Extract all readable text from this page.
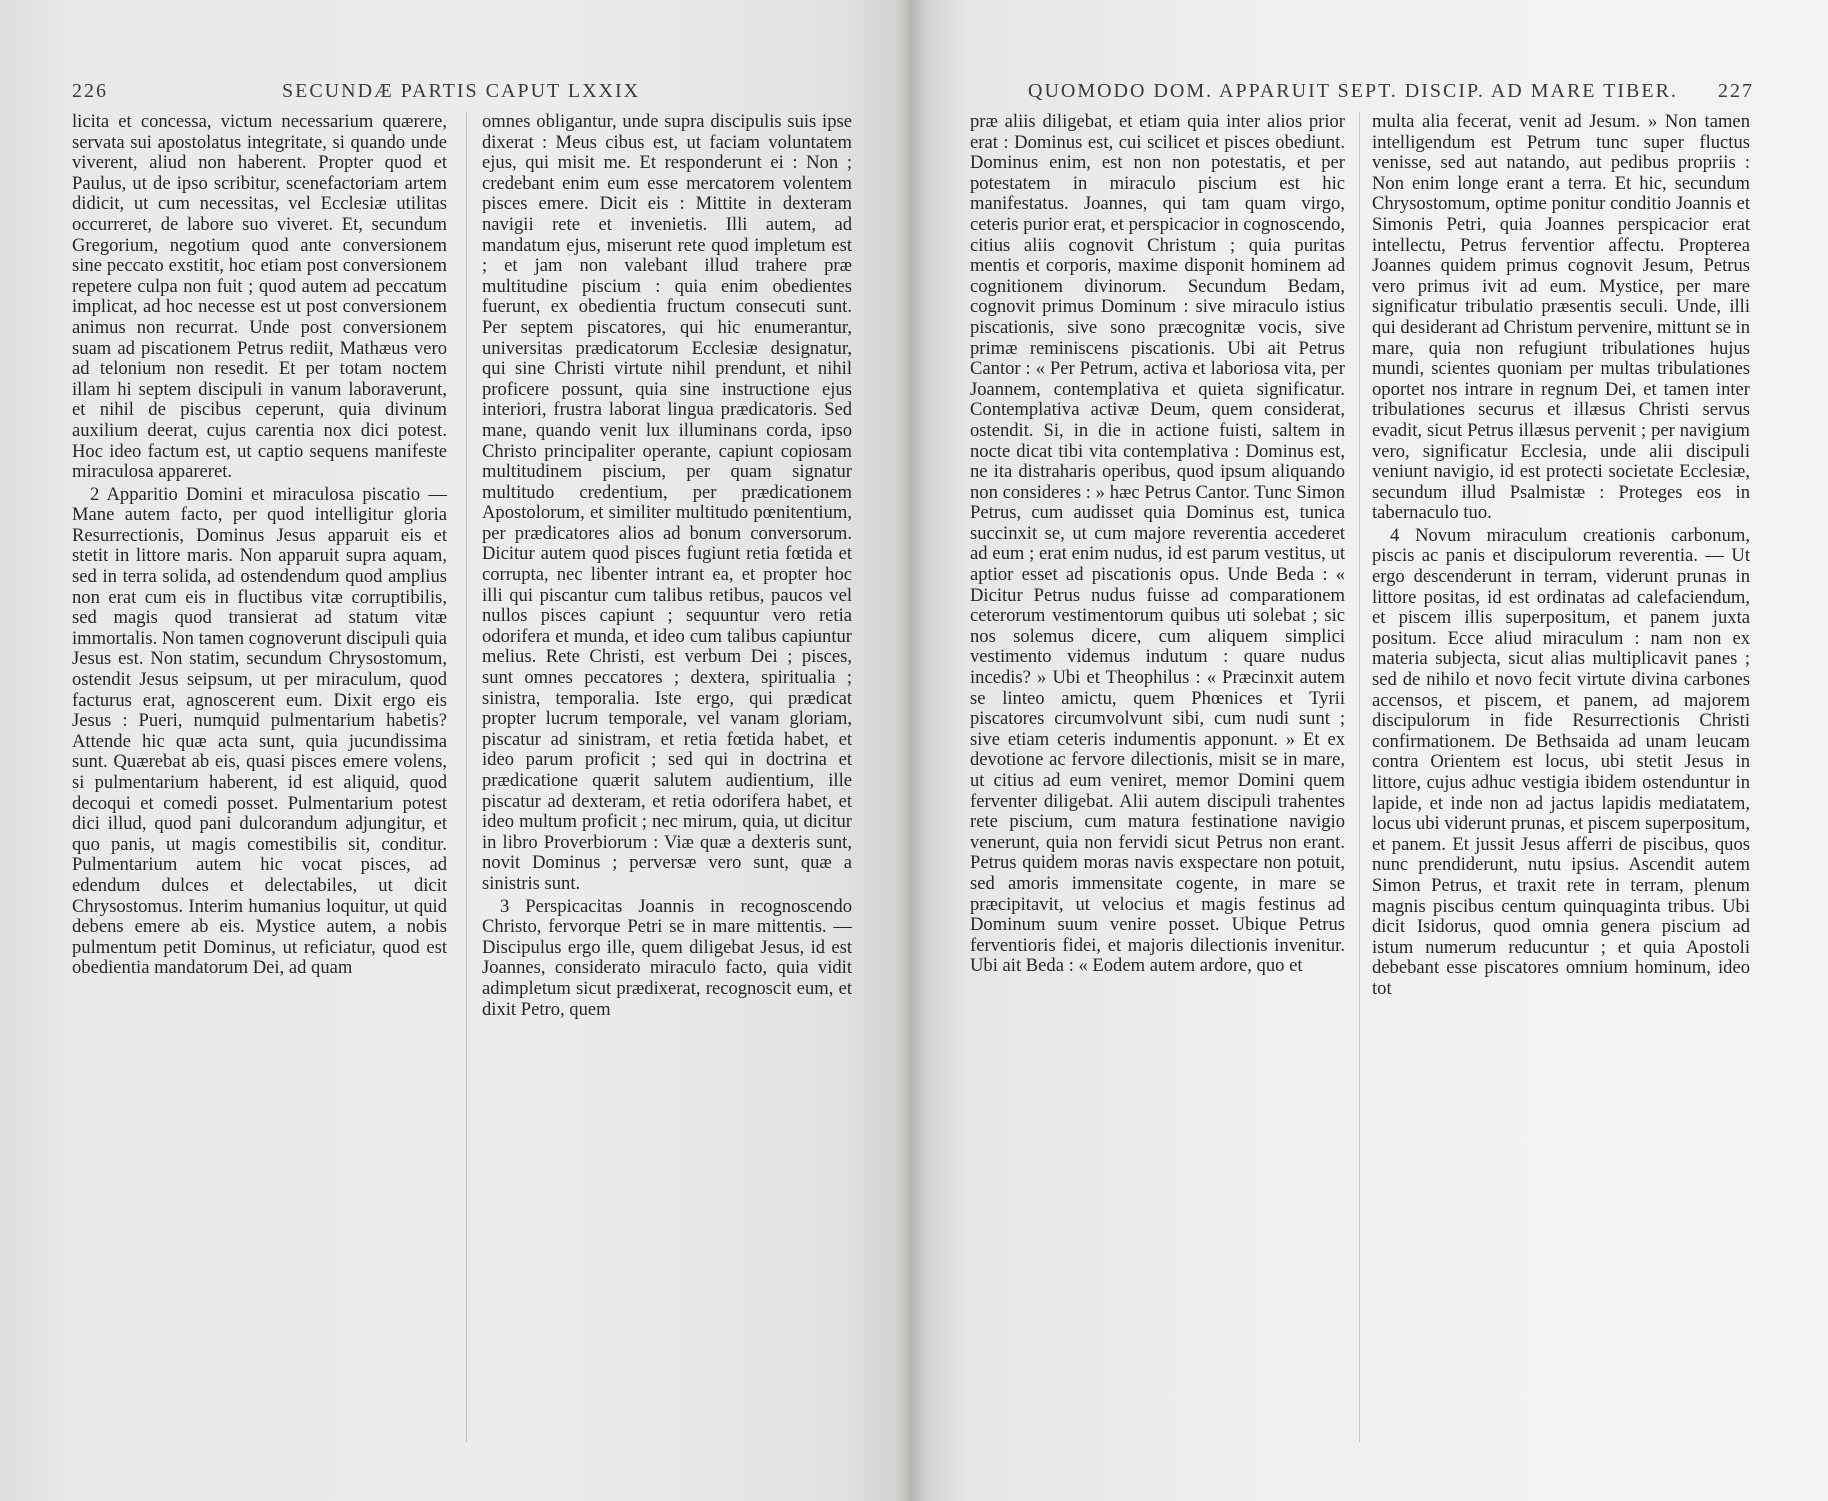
226	SECUNDÆ PARTIS CAPUT LXXIX

licita et concessa, victum necessarium quærere, servata sui apostolatus integritate, si quando unde viverent, aliud non haberent. Propter quod et Paulus, ut de ipso scribitur, scenefactoriam artem didicit, ut cum necessitas, vel Ecclesiæ utilitas occurreret, de labore suo viveret. Et, secundum Gregorium, negotium quod ante conversionem sine peccato exstitit, hoc etiam post conversionem repetere culpa non fuit ; quod autem ad peccatum implicat, ad hoc necesse est ut post conversionem animus non recurrat. Unde post conversionem suam ad piscationem Petrus rediit, Mathæus vero ad telonium non resedit. Et per totam noctem illam hi septem discipuli in vanum laboraverunt, et nihil de piscibus ceperunt, quia divinum auxilium deerat, cujus carentia nox dici potest. Hoc ideo factum est, ut captio sequens manifeste miraculosa appareret.

2 Apparitio Domini et miraculosa piscatio — Mane autem facto, per quod intelligitur gloria Resurrectionis, Dominus Jesus apparuit eis et stetit in littore maris. Non apparuit supra aquam, sed in terra solida, ad ostendendum quod amplius non erat cum eis in fluctibus vitæ corruptibilis, sed magis quod transierat ad statum vitæ immortalis. Non tamen cognoverunt discipuli quia Jesus est. Non statim, secundum Chrysostomum, ostendit Jesus seipsum, ut per miraculum, quod facturus erat, agnoscerent eum. Dixit ergo eis Jesus : Pueri, numquid pulmentarium habetis? Attende hic quæ acta sunt, quia jucundissima sunt. Quærebat ab eis, quasi pisces emere volens, si pulmentarium haberent, id est aliquid, quod decoqui et comedi posset. Pulmentarium potest dici illud, quod pani dulcorandum adjungitur, et quo panis, ut magis comestibilis sit, conditur. Pulmentarium autem hic vocat pisces, ad edendum dulces et delectabiles, ut dicit Chrysostomus. Interim humanius loquitur, ut quid debens emere ab eis. Mystice autem, a nobis pulmentum petit Dominus, ut reficiatur, quod est obedientia mandatorum Dei, ad quam

omnes obligantur, unde supra discipulis suis ipse dixerat : Meus cibus est, ut faciam voluntatem ejus, qui misit me. Et responderunt ei : Non ; credebant enim eum esse mercatorem volentem pisces emere. Dicit eis : Mittite in dexteram navigii rete et invenietis. Illi autem, ad mandatum ejus, miserunt rete quod impletum est ; et jam non valebant illud trahere præ multitudine piscium : quia enim obedientes fuerunt, ex obedientia fructum consecuti sunt. Per septem piscatores, qui hic enumerantur, universitas prædicatorum Ecclesiæ designatur, qui sine Christi virtute nihil prendunt, et nihil proficere possunt, quia sine instructione ejus interiori, frustra laborat lingua prædicatoris. Sed mane, quando venit lux illuminans corda, ipso Christo principaliter operante, capiunt copiosam multitudinem piscium, per quam signatur multitudo credentium, per prædicationem Apostolorum, et similiter multitudo pœnitentium, per prædicatores alios ad bonum conversorum. Dicitur autem quod pisces fugiunt retia fœtida et corrupta, nec libenter intrant ea, et propter hoc illi qui piscantur cum talibus retibus, paucos vel nullos pisces capiunt ; sequuntur vero retia odorifera et munda, et ideo cum talibus capiuntur melius. Rete Christi, est verbum Dei ; pisces, sunt omnes peccatores ; dextera, spiritualia ; sinistra, temporalia. Iste ergo, qui prædicat propter lucrum temporale, vel vanam gloriam, piscatur ad sinistram, et retia fœtida habet, et ideo parum proficit ; sed qui in doctrina et prædicatione quærit salutem audientium, ille piscatur ad dexteram, et retia odorifera habet, et ideo multum proficit ; nec mirum, quia, ut dicitur in libro Proverbiorum : Viæ quæ a dexteris sunt, novit Dominus ; perversæ vero sunt, quæ a sinistris sunt.

3 Perspicacitas Joannis in recognoscendo Christo, fervorque Petri se in mare mittentis. — Discipulus ergo ille, quem diligebat Jesus, id est Joannes, considerato miraculo facto, quia vidit adimpletum sicut prædixerat, recognoscit eum, et dixit Petro, quem

QUOMODO DOM. APPARUIT SEPT. DISCIP. AD MARE TIBER. 227

præ aliis diligebat, et etiam quia inter alios prior erat : Dominus est, cui scilicet et pisces obediunt. Dominus enim, est non non potestatis, et per potestatem in miraculo piscium est hic manifestatus. Joannes, qui tam quam virgo, ceteris purior erat, et perspicacior in cognoscendo, citius aliis cognovit Christum ; quia puritas mentis et corporis, maxime disponit hominem ad cognitionem divinorum. Secundum Bedam, cognovit primus Dominum : sive miraculo istius piscationis, sive sono præcognitæ vocis, sive primæ reminiscens piscationis. Ubi ait Petrus Cantor : « Per Petrum, activa et laboriosa vita, per Joannem, contemplativa et quieta significatur. Contemplativa activæ Deum, quem considerat, ostendit. Si, in die in actione fuisti, saltem in nocte dicat tibi vita contemplativa : Dominus est, ne ita distraharis operibus, quod ipsum aliquando non consideres : » hæc Petrus Cantor. Tunc Simon Petrus, cum audisset quia Dominus est, tunica succinxit se, ut cum majore reverentia accederet ad eum ; erat enim nudus, id est parum vestitus, ut aptior esset ad piscationis opus. Unde Beda : « Dicitur Petrus nudus fuisse ad comparationem ceterorum vestimentorum quibus uti solebat ; sic nos solemus dicere, cum aliquem simplici vestimento videmus indutum : quare nudus incedis? » Ubi et Theophilus : « Præcinxit autem se linteo amictu, quem Phœnices et Tyrii piscatores circumvolvunt sibi, cum nudi sunt ; sive etiam ceteris indumentis apponunt. » Et ex devotione ac fervore dilectionis, misit se in mare, ut citius ad eum veniret, memor Domini quem ferventer diligebat. Alii autem discipuli trahentes rete piscium, cum matura festinatione navigio venerunt, quia non fervidi sicut Petrus non erant. Petrus quidem moras navis exspectare non potuit, sed amoris immensitate cogente, in mare se præcipitavit, ut velocius et magis festinus ad Dominum suum venire posset. Ubique Petrus ferventioris fidei, et majoris dilectionis invenitur. Ubi ait Beda : « Eodem autem ardore, quo et

multa alia fecerat, venit ad Jesum. » Non tamen intelligendum est Petrum tunc super fluctus venisse, sed aut natando, aut pedibus propriis : Non enim longe erant a terra. Et hic, secundum Chrysostomum, optime ponitur conditio Joannis et Simonis Petri, quia Joannes perspicacior erat intellectu, Petrus ferventior affectu. Propterea Joannes quidem primus cognovit Jesum, Petrus vero primus ivit ad eum. Mystice, per mare significatur tribulatio præsentis seculi. Unde, illi qui desiderant ad Christum pervenire, mittunt se in mare, quia non refugiunt tribulationes hujus mundi, scientes quoniam per multas tribulationes oportet nos intrare in regnum Dei, et tamen inter tribulationes securus et illæsus Christi servus evadit, sicut Petrus illæsus pervenit ; per navigium vero, significatur Ecclesia, unde alii discipuli veniunt navigio, id est protecti societate Ecclesiæ, secundum illud Psalmistæ : Proteges eos in tabernaculo tuo.

4 Novum miraculum creationis carbonum, piscis ac panis et discipulorum reverentia. — Ut ergo descenderunt in terram, viderunt prunas in littore positas, id est ordinatas ad calefaciendum, et piscem illis superpositum, et panem juxta positum. Ecce aliud miraculum : nam non ex materia subjecta, sicut alias multiplicavit panes ; sed de nihilo et novo fecit virtute divina carbones accensos, et piscem, et panem, ad majorem discipulorum in fide Resurrectionis Christi confirmationem. De Bethsaida ad unam leucam contra Orientem est locus, ubi stetit Jesus in littore, cujus adhuc vestigia ibidem ostenduntur in lapide, et inde non ad jactus lapidis mediatatem, locus ubi viderunt prunas, et piscem superpositum, et panem. Et jussit Jesus afferri de piscibus, quos nunc prendiderunt, nutu ipsius. Ascendit autem Simon Petrus, et traxit rete in terram, plenum magnis piscibus centum quinquaginta tribus. Ubi dicit Isidorus, quod omnia genera piscium ad istum numerum reducuntur ; et quia Apostoli debebant esse piscatores omnium hominum, ideo tot
